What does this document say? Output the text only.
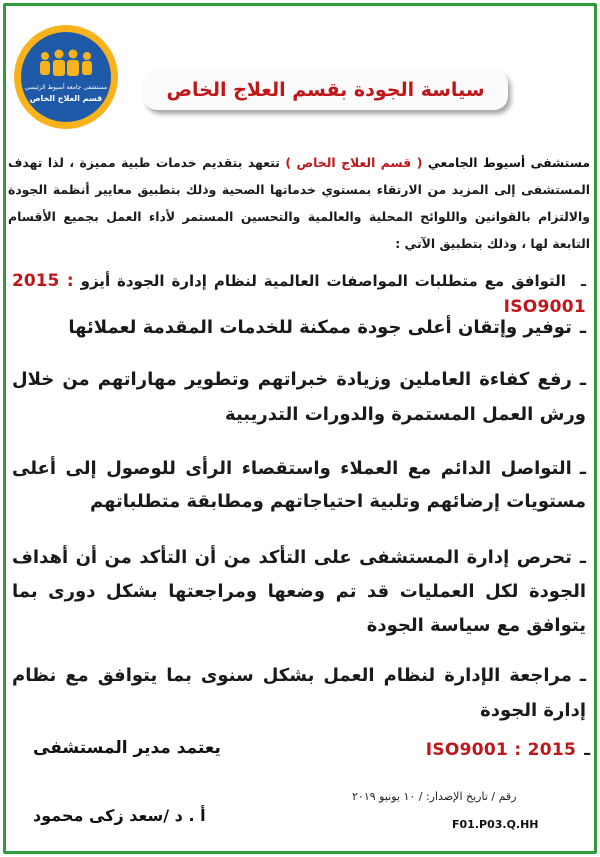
مستشفى جامعة أسيوط الرئيسي
قسم العلاج الخاص	سياسة الجودة بقسم العلاج الخاص
مستشفى أسيوط الجامعي ( قسم العلاج الخاص ) تتعهد بتقديم خدمات طبية مميزة ، لذا تهدف المستشفى إلى المزيد من الارتقاء بمستوي خدماتها الصحية وذلك بتطبيق معايير أنظمة الجودة والالتزام بالقوانين واللوائح المحلية والعالمية والتحسين المستمر لأداء العمل بجميع الأقسام التابعة لها ، وذلك بتطبيق الآتي :
ـ التوافق مع متطلبات المواصفات العالمية لنظام إدارة الجودة أيزو 2015 : ISO9001
ـتوفير وإتقان أعلى جودة ممكنة للخدمات المقدمة لعملائها
ـرفع كفاءة العاملين وزيادة خبراتهم وتطوير مهاراتهم من خلال ورش العمل المستمرة والدورات التدريبية
ـالتواصل الدائم مع العملاء واستقصاء الرأى للوصول إلى أعلى مستويات إرضائهم وتلبية احتياجاتهم ومطابقة متطلباتهم
ـتحرص إدارة المستشفى على التأكد من أن التأكد من أن أهداف الجودة لكل العمليات قد تم وضعها ومراجعتها بشكل دورى بما يتوافق مع سياسة الجودة
ـمراجعة الإدارة لنظام العمل بشكل سنوى بما يتوافق مع نظام إدارة الجودة
ـISO9001 : 2015
يعتمد مدير المستشفى
رقم / تاريخ الإصدار: / ١٠ يونيو ٢٠١٩
أ . د /سعد زكى محمود	F01.P03.Q.HH
